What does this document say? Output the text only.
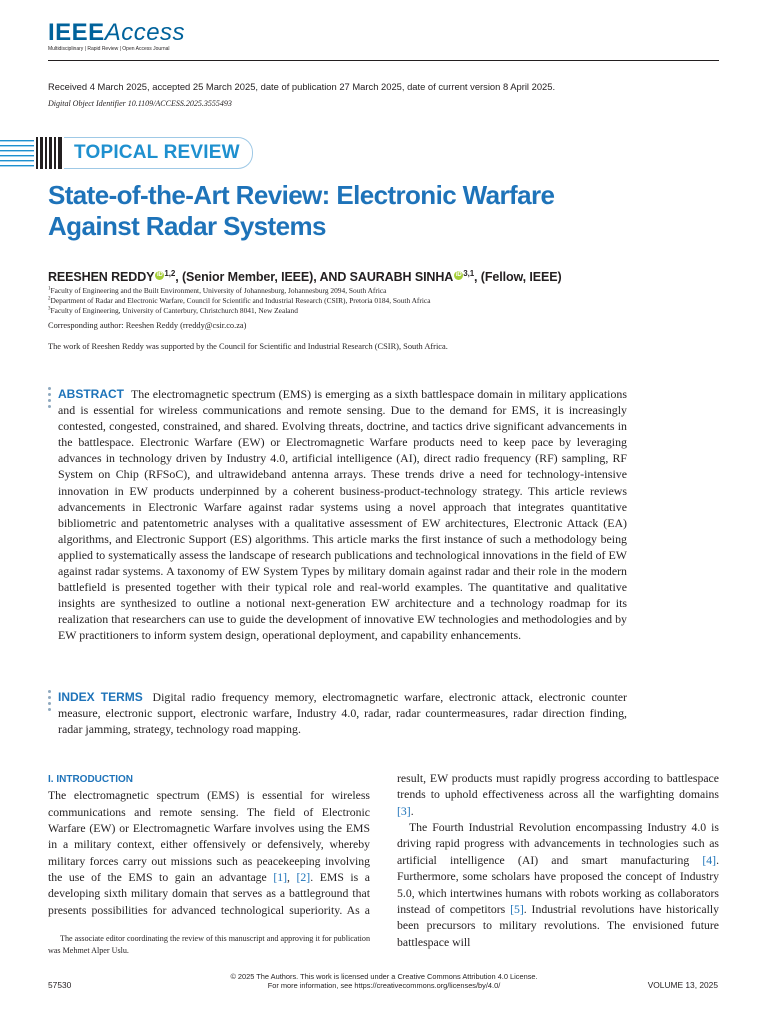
IEEEAccess
Multidisciplinary | Rapid Review | Open Access Journal
Received 4 March 2025, accepted 25 March 2025, date of publication 27 March 2025, date of current version 8 April 2025.
Digital Object Identifier 10.1109/ACCESS.2025.3555493
TOPICAL REVIEW
State-of-the-Art Review: Electronic Warfare
Against Radar Systems
REESHEN REDDY iD $^{1,2}$, (Senior Member, IEEE), AND SAURABH SINHA iD $^{3,1}$, (Fellow, IEEE)
$^1$Faculty of Engineering and the Built Environment, University of Johannesburg, Johannesburg 2094, South Africa
$^2$Department of Radar and Electronic Warfare, Council for Scientific and Industrial Research (CSIR), Pretoria 0184, South Africa
$^3$Faculty of Engineering, University of Canterbury, Christchurch 8041, New Zealand
Corresponding author: Reeshen Reddy (rreddy@csir.co.za)
The work of Reeshen Reddy was supported by the Council for Scientific and Industrial Research (CSIR), South Africa.
ABSTRACT The electromagnetic spectrum (EMS) is emerging as a sixth battlespace domain in military applications and is essential for wireless communications and remote sensing. Due to the demand for EMS, it is increasingly contested, congested, constrained, and shared. Evolving threats, doctrine, and tactics drive significant advancements in the battlespace. Electronic Warfare (EW) or Electromagnetic Warfare products need to keep pace by leveraging advances in technology driven by Industry 4.0, artificial intelligence (AI), direct radio frequency (RF) sampling, RF System on Chip (RFSoC), and ultrawideband antenna arrays. These trends drive a need for technology-intensive innovation in EW products underpinned by a coherent business-product-technology strategy. This article reviews advancements in Electronic Warfare against radar systems using a novel approach that integrates quantitative bibliometric and patentometric analyses with a qualitative assessment of EW architectures, Electronic Attack (EA) algorithms, and Electronic Support (ES) algorithms. This article marks the first instance of such a methodology being applied to systematically assess the landscape of research publications and technological innovations in the field of EW against radar systems. A taxonomy of EW System Types by military domain against radar and their role in the modern battlefield is presented together with their typical role and real-world examples. The quantitative and qualitative insights are synthesized to outline a notional next-generation EW architecture and a technology roadmap for its realization that researchers can use to guide the development of innovative EW technologies and methodologies and by EW practitioners to inform system design, operational deployment, and capability enhancements.
INDEX TERMS Digital radio frequency memory, electromagnetic warfare, electronic attack, electronic counter measure, electronic support, electronic warfare, Industry 4.0, radar, radar countermeasures, radar direction finding, radar jamming, strategy, technology road mapping.
I. INTRODUCTION

The electromagnetic spectrum (EMS) is essential for wireless communications and remote sensing. The field of Electronic Warfare (EW) or Electromagnetic Warfare involves using the EMS in a military context, either offensively or defensively, whereby military forces carry out missions such as peacekeeping involving the use of the EMS to gain an advantage [1], [2]. EMS is a developing sixth military domain that serves as a battleground that presents possibilities for advanced technological superiority. As a

The associate editor coordinating the review of this manuscript and approving it for publication was Mehmet Alper Uslu.

result, EW products must rapidly progress according to battlespace trends to uphold effectiveness across all the warfighting domains [3].

The Fourth Industrial Revolution encompassing Industry 4.0 is driving rapid progress with advancements in technologies such as artificial intelligence (AI) and smart manufacturing [4]. Furthermore, some scholars have proposed the concept of Industry 5.0, which intertwines humans with robots working as collaborators instead of competitors [5]. Industrial revolutions have historically been precursors to military revolutions. The envisioned future battlespace will

© 2025 The Authors. This work is licensed under a Creative Commons Attribution 4.0 License.
For more information, see https://creativecommons.org/licenses/by/4.0/
57530	VOLUME 13, 2025
